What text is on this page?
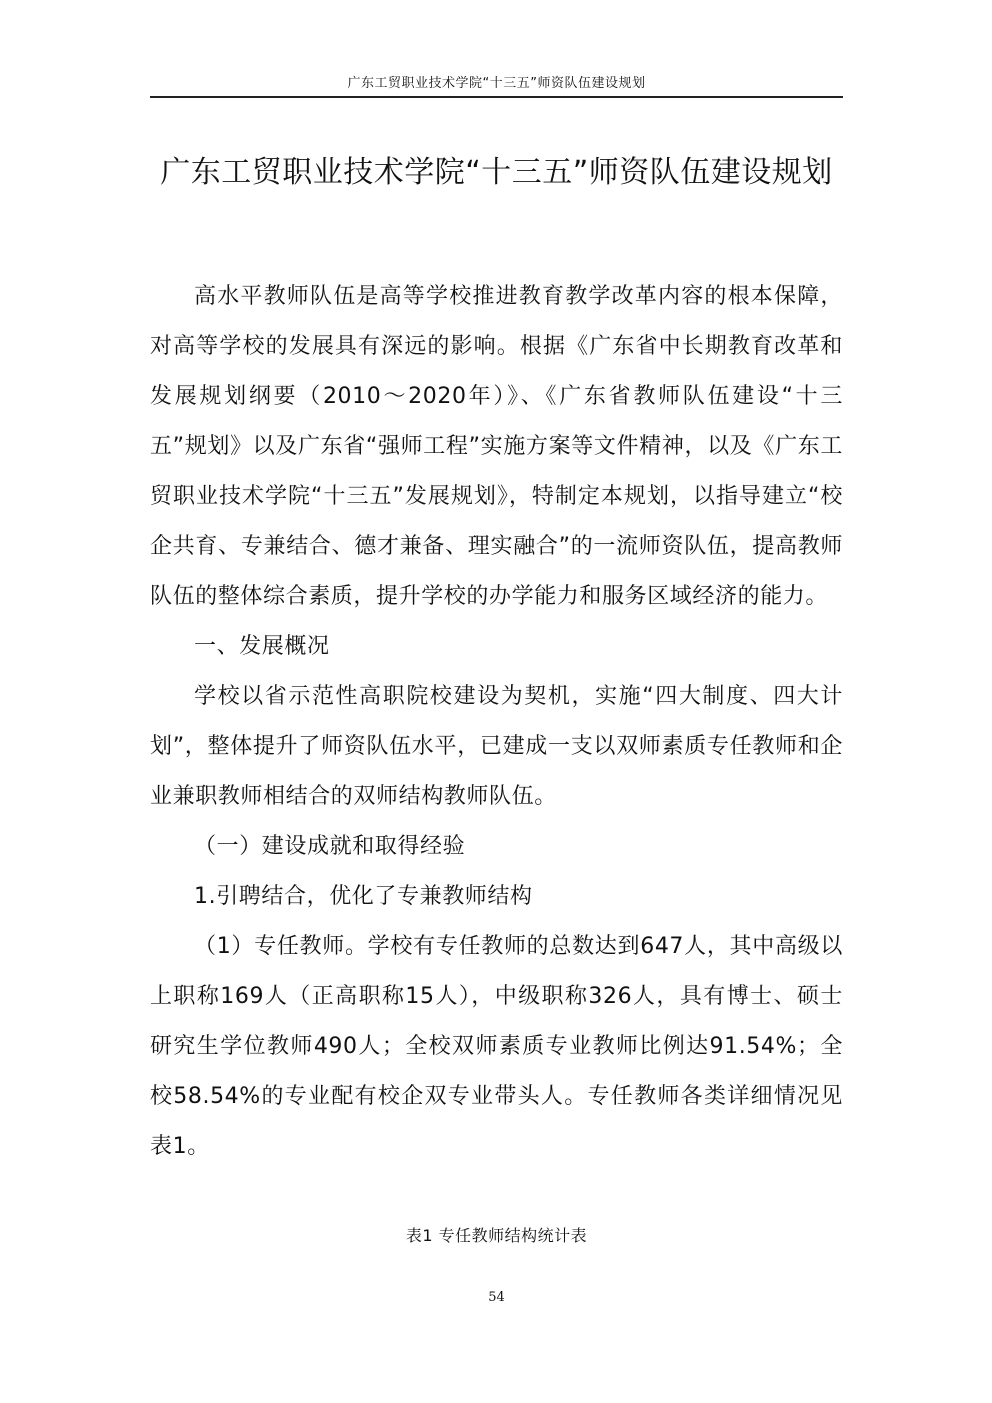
广东工贸职业技术学院“十三五”师资队伍建设规划
广东工贸职业技术学院“十三五”师资队伍建设规划

高水平教师队伍是高等学校推进教育教学改革内容的根本保障，对高等学校的发展具有深远的影响。根据《广东省中长期教育改革和发展规划纲要（2010～2020年）》、《广东省教师队伍建设“十三五”规划》以及广东省“强师工程”实施方案等文件精神，以及《广东工贸职业技术学院“十三五”发展规划》，特制定本规划，以指导建立“校企共育、专兼结合、德才兼备、理实融合”的一流师资队伍，提高教师队伍的整体综合素质，提升学校的办学能力和服务区域经济的能力。

一、发展概况

学校以省示范性高职院校建设为契机，实施“四大制度、四大计划”，整体提升了师资队伍水平，已建成一支以双师素质专任教师和企业兼职教师相结合的双师结构教师队伍。

（一）建设成就和取得经验

1.引聘结合，优化了专兼教师结构

（1）专任教师。学校有专任教师的总数达到647人，其中高级以上职称169人（正高职称15人），中级职称326人，具有博士、硕士研究生学位教师490人；全校双师素质专业教师比例达91.54%；全校58.54%的专业配有校企双专业带头人。专任教师各类详细情况见表1。

表1 专任教师结构统计表
54
